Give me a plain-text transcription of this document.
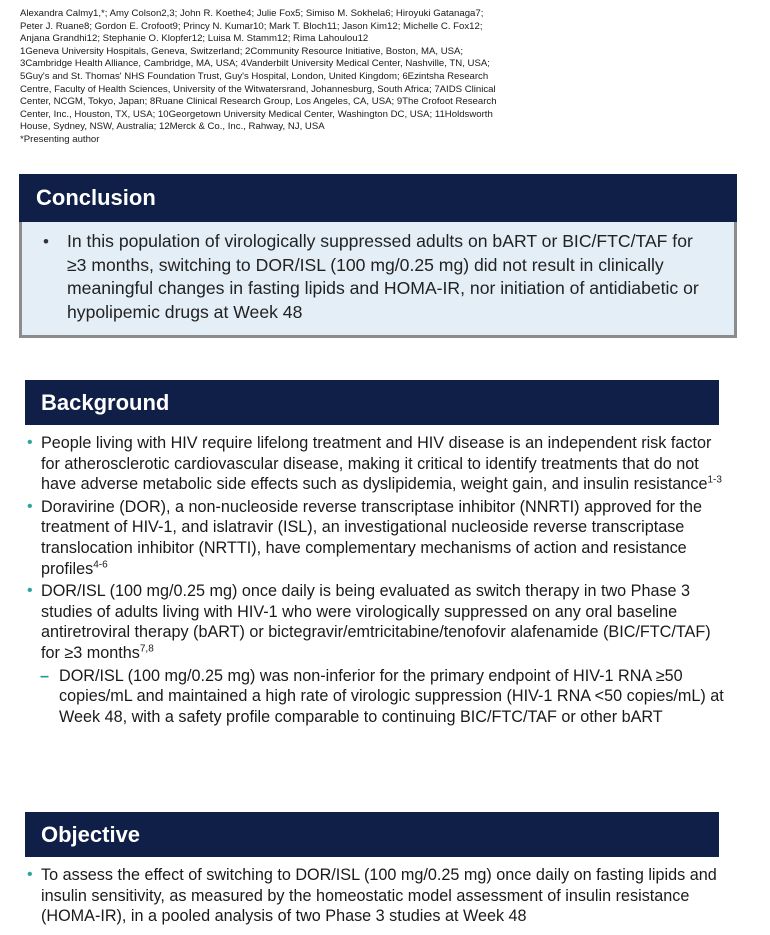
Alexandra Calmy1,*; Amy Colson2,3; John R. Koethe4; Julie Fox5; Simiso M. Sokhela6; Hiroyuki Gatanaga7;
Peter J. Ruane8; Gordon E. Crofoot9; Princy N. Kumar10; Mark T. Bloch11; Jason Kim12; Michelle C. Fox12;
Anjana Grandhi12; Stephanie O. Klopfer12; Luisa M. Stamm12; Rima Lahoulou12
1Geneva University Hospitals, Geneva, Switzerland; 2Community Resource Initiative, Boston, MA, USA;
3Cambridge Health Alliance, Cambridge, MA, USA; 4Vanderbilt University Medical Center, Nashville, TN, USA;
5Guy's and St. Thomas' NHS Foundation Trust, Guy's Hospital, London, United Kingdom; 6Ezintsha Research
Centre, Faculty of Health Sciences, University of the Witwatersrand, Johannesburg, South Africa; 7AIDS Clinical
Center, NCGM, Tokyo, Japan; 8Ruane Clinical Research Group, Los Angeles, CA, USA; 9The Crofoot Research
Center, Inc., Houston, TX, USA; 10Georgetown University Medical Center, Washington DC, USA; 11Holdsworth
House, Sydney, NSW, Australia; 12Merck & Co., Inc., Rahway, NJ, USA
*Presenting author
Conclusion
• In this population of virologically suppressed adults on bART or BIC/FTC/TAF for ≥3 months, switching to DOR/ISL (100 mg/0.25 mg) did not result in clinically meaningful changes in fasting lipids and HOMA-IR, nor initiation of antidiabetic or hypolipemic drugs at Week 48
Background
• People living with HIV require lifelong treatment and HIV disease is an independent risk factor for atherosclerotic cardiovascular disease, making it critical to identify treatments that do not have adverse metabolic side effects such as dyslipidemia, weight gain, and insulin resistance$^{1-3}$
• Doravirine (DOR), a non-nucleoside reverse transcriptase inhibitor (NNRTI) approved for the treatment of HIV-1, and islatravir (ISL), an investigational nucleoside reverse transcriptase translocation inhibitor (NRTTI), have complementary mechanisms of action and resistance profiles$^{4-6}$
• DOR/ISL (100 mg/0.25 mg) once daily is being evaluated as switch therapy in two Phase 3 studies of adults living with HIV-1 who were virologically suppressed on any oral baseline antiretroviral therapy (bART) or bictegravir/emtricitabine/tenofovir alafenamide (BIC/FTC/TAF) for ≥3 months$^{7,8}$
– DOR/ISL (100 mg/0.25 mg) was non-inferior for the primary endpoint of HIV-1 RNA ≥50 copies/mL and maintained a high rate of virologic suppression (HIV-1 RNA <50 copies/mL) at Week 48, with a safety profile comparable to continuing BIC/FTC/TAF or other bART
Objective
• To assess the effect of switching to DOR/ISL (100 mg/0.25 mg) once daily on fasting lipids and insulin sensitivity, as measured by the homeostatic model assessment of insulin resistance (HOMA-IR), in a pooled analysis of two Phase 3 studies at Week 48
